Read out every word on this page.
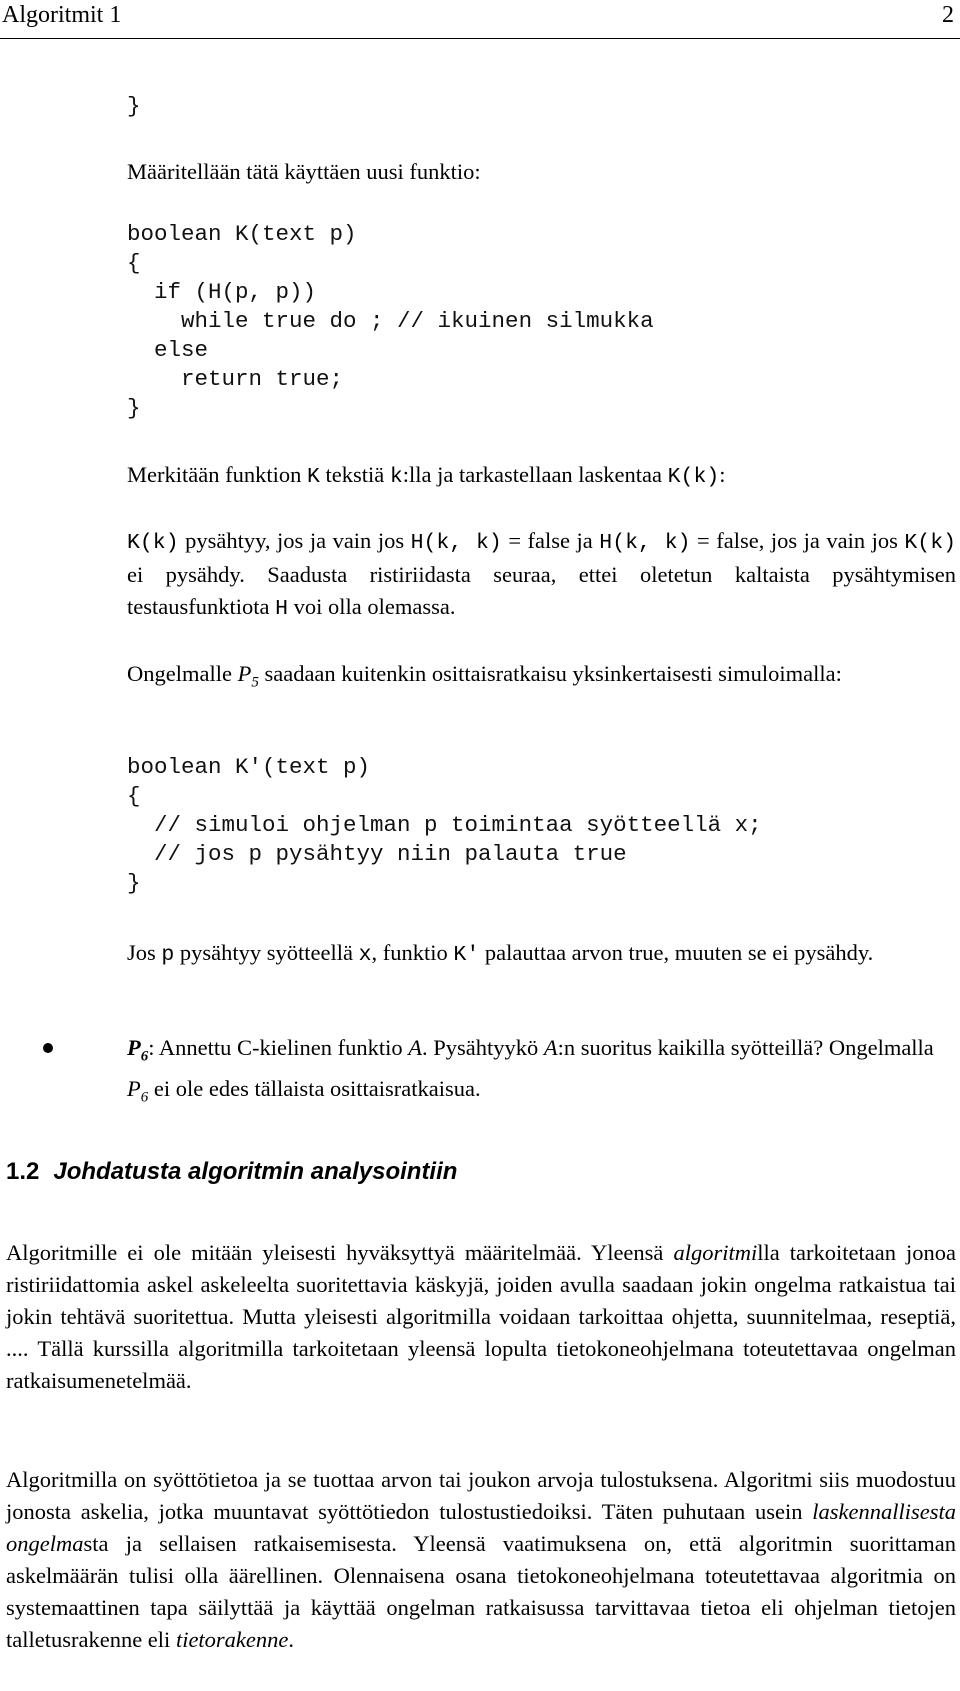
Algoritmit 1	2
}
Määritellään tätä käyttäen uusi funktio:
boolean K(text p)
{
if (H(p, p))
while true do ; // ikuinen silmukka
else
return true;
}
Merkitään funktion K tekstiä k:lla ja tarkastellaan laskentaa K(k):
K(k) pysähtyy, jos ja vain jos H(k, k) = false ja H(k, k) = false, jos ja vain jos K(k) ei pysähdy. Saadusta ristiriidasta seuraa, ettei oletetun kaltaista pysähtymisen testausfunktiota H voi olla olemassa.
Ongelmalle $P_5$ saadaan kuitenkin osittaisratkaisu yksinkertaisesti simuloimalla:
boolean K′(text p)
{
// simuloi ohjelman p toimintaa syötteellä x;
// jos p pysähtyy niin palauta true
}
Jos p pysähtyy syötteellä x, funktio K′ palauttaa arvon true, muuten se ei pysähdy.
$P_6$: Annettu C-kielinen funktio A. Pysähtyykö A:n suoritus kaikilla syötteillä? Ongelmalla $P_6$ ei ole edes tällaista osittaisratkaisua.
1.2 Johdatusta algoritmin analysointiin
Algoritmille ei ole mitään yleisesti hyväksyttyä määritelmää. Yleensä algoritmilla tarkoitetaan jonoa ristiriidattomia askel askeleelta suoritettavia käskyjä, joiden avulla saadaan jokin ongelma ratkaistua tai jokin tehtävä suoritettua. Mutta yleisesti algoritmilla voidaan tarkoittaa ohjetta, suunnitelmaa, reseptiä, .... Tällä kurssilla algoritmilla tarkoitetaan yleensä lopulta tietokoneohjelmana toteutettavaa ongelman ratkaisumenetelmää.
Algoritmilla on syöttötietoa ja se tuottaa arvon tai joukon arvoja tulostuksena. Algoritmi siis muodostuu jonosta askelia, jotka muuntavat syöttötiedon tulostustiedoiksi. Täten puhutaan usein laskennallisesta ongelmasta ja sellaisen ratkaisemisesta. Yleensä vaatimuksena on, että algoritmin suorittaman askelmäärän tulisi olla äärellinen. Olennaisena osana tietokoneohjelmana toteutettavaa algoritmia on systemaattinen tapa säilyttää ja käyttää ongelman ratkaisussa tarvittavaa tietoa eli ohjelman tietojen talletusrakenne eli tietorakenne.
